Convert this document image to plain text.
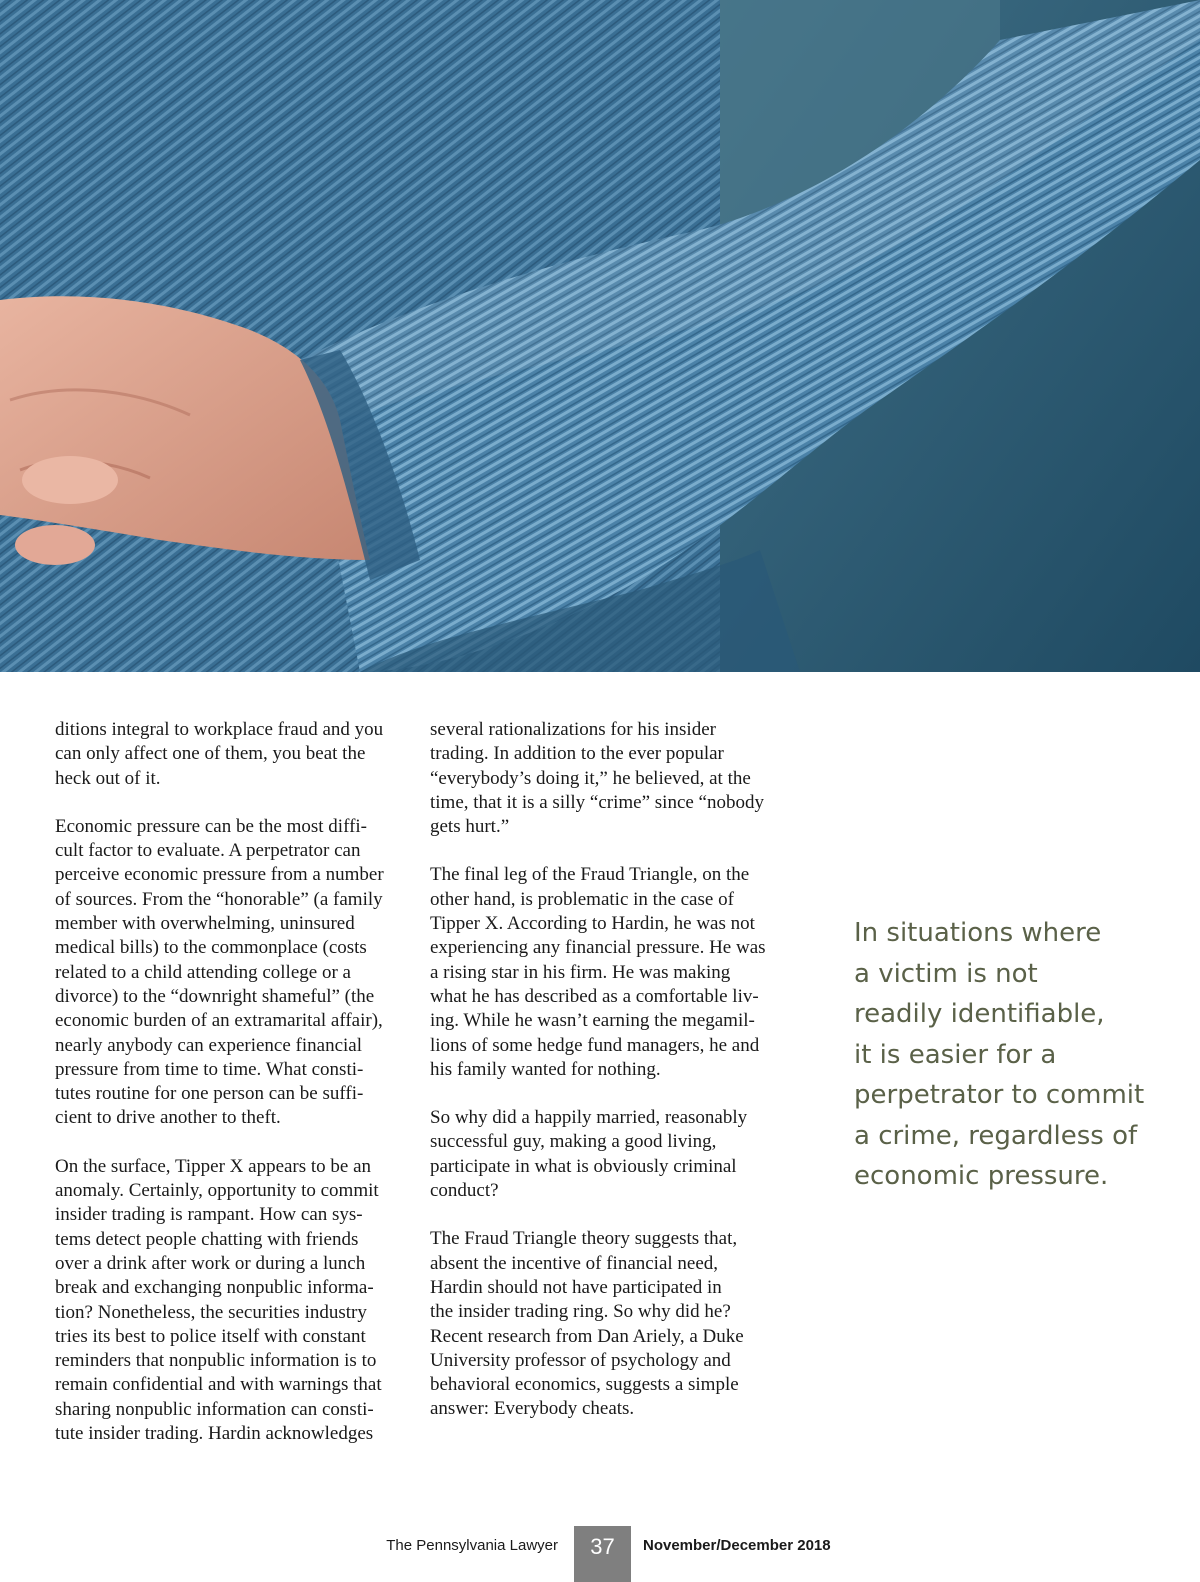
ditions integral to workplace fraud and you
can only affect one of them, you beat the
heck out of it.

Economic pressure can be the most diffi-
cult factor to evaluate. A perpetrator can
perceive economic pressure from a number
of sources. From the “honorable” (a family
member with overwhelming, uninsured
medical bills) to the commonplace (costs
related to a child attending college or a
divorce) to the “downright shameful” (the
economic burden of an extramarital affair),
nearly anybody can experience financial
pressure from time to time. What consti-
tutes routine for one person can be suffi-
cient to drive another to theft.

On the surface, Tipper X appears to be an
anomaly. Certainly, opportunity to commit
insider trading is rampant. How can sys-
tems detect people chatting with friends
over a drink after work or during a lunch
break and exchanging nonpublic informa-
tion? Nonetheless, the securities industry
tries its best to police itself with constant
reminders that nonpublic information is to
remain confidential and with warnings that
sharing nonpublic information can consti-
tute insider trading. Hardin acknowledges

several rationalizations for his insider
trading. In addition to the ever popular
“everybody’s doing it,” he believed, at the
time, that it is a silly “crime” since “nobody
gets hurt.”

The final leg of the Fraud Triangle, on the
other hand, is problematic in the case of
Tipper X. According to Hardin, he was not
experiencing any financial pressure. He was
a rising star in his firm. He was making
what he has described as a comfortable liv-
ing. While he wasn’t earning the megamil-
lions of some hedge fund managers, he and
his family wanted for nothing.

So why did a happily married, reasonably
successful guy, making a good living,
participate in what is obviously criminal
conduct?

The Fraud Triangle theory suggests that,
absent the incentive of financial need,
Hardin should not have participated in
the insider trading ring. So why did he?
Recent research from Dan Ariely, a Duke
University professor of psychology and
behavioral economics, suggests a simple
answer: Everybody cheats.

In situations where
a victim is not
readily identifiable,
it is easier for a
perpetrator to commit
a crime, regardless of
economic pressure.
The Pennsylvania Lawyer	37	November/December 2018
